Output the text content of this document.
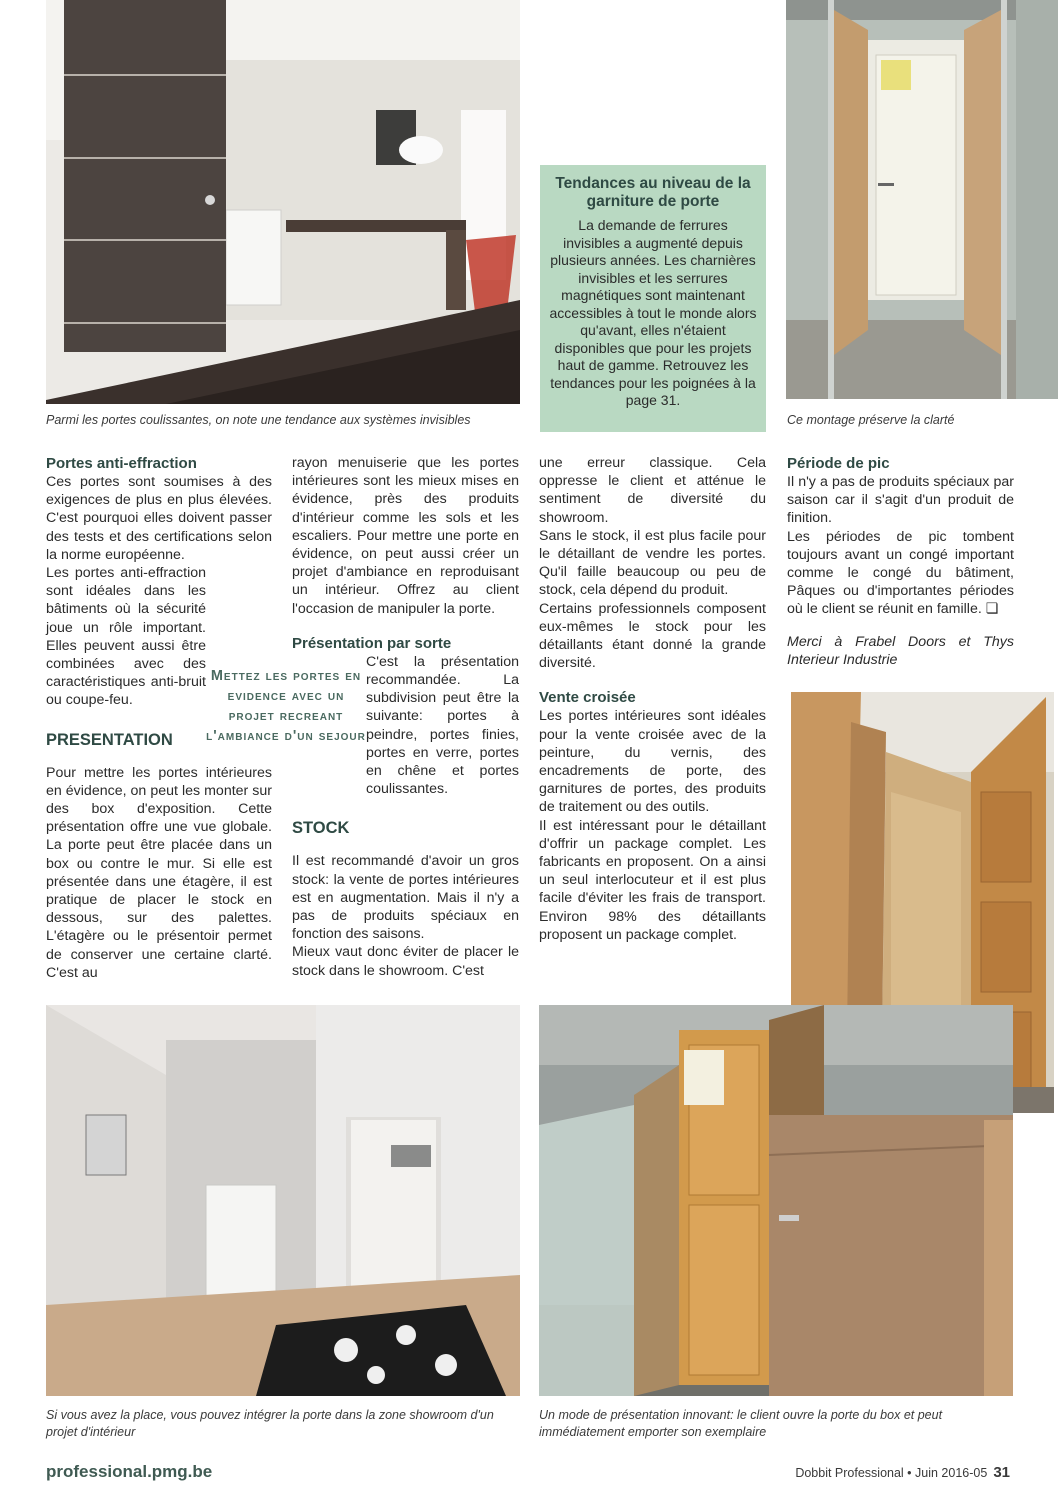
Parmi les portes coulissantes, on note une tendance aux systèmes invisibles	Ce montage préserve la clarté
Si vous avez la place, vous pouvez intégrer la porte dans la zone showroom d'un projet d'intérieur
Un mode de présentation innovant: le client ouvre la porte du box et peut immédiatement emporter son exemplaire
Tendances au niveau de la garniture de porte

La demande de ferrures invisibles a augmenté depuis plusieurs années. Les charnières invisibles et les serrures magnétiques sont maintenant accessibles à tout le monde alors qu'avant, elles n'étaient disponibles que pour les projets haut de gamme. Retrouvez les tendances pour les poignées à la page 31.

Portes anti-effraction

Ces portes sont soumises à des exigences de plus en plus élevées. C'est pourquoi elles doivent passer des tests et des certifications selon la norme européenne.

Les portes anti-effraction sont idéales dans les bâtiments où la sécurité joue un rôle important. Elles peuvent aussi être combinées avec des caractéristiques anti-bruit ou coupe-feu.

PRESENTATION

Pour mettre les portes intérieures en évidence, on peut les monter sur des box d'exposition. Cette présentation offre une vue globale. La porte peut être placée dans un box ou contre le mur. Si elle est présentée dans une étagère, il est pratique de placer le stock en dessous, sur des palettes. L'étagère ou le présentoir permet de conserver une certaine clarté. C'est au

Mettez les portes en evidence avec un projet recreant l'ambiance d'un sejour

rayon menuiserie que les portes intérieures sont les mieux mises en évidence, près des produits d'intérieur comme les sols et les escaliers. Pour mettre une porte en évidence, on peut aussi créer un projet d'ambiance en reproduisant un intérieur. Offrez au client l'occasion de manipuler la porte.

Présentation par sorte

C'est la présentation recommandée. La subdivision peut être la suivante: portes à peindre, portes finies, portes en verre, portes en chêne et portes coulissantes.

STOCK

Il est recommandé d'avoir un gros stock: la vente de portes intérieures est en augmentation. Mais il n'y a pas de produits spéciaux en fonction des saisons.

Mieux vaut donc éviter de placer le stock dans le showroom. C'est

une erreur classique. Cela oppresse le client et atténue le sentiment de diversité du showroom.

Sans le stock, il est plus facile pour le détaillant de vendre les portes. Qu'il faille beaucoup ou peu de stock, cela dépend du produit.

Certains professionnels composent eux-mêmes le stock pour les détaillants étant donné la grande diversité.

Vente croisée

Les portes intérieures sont idéales pour la vente croisée avec de la peinture, du vernis, des encadrements de porte, des garnitures de portes, des produits de traitement ou des outils.

Il est intéressant pour le détaillant d'offrir un package complet. Les fabricants en proposent. On a ainsi un seul interlocuteur et il est plus facile d'éviter les frais de transport. Environ 98% des détaillants proposent un package complet.

Période de pic

Il n'y a pas de produits spéciaux par saison car il s'agit d'un produit de finition.

Les périodes de pic tombent toujours avant un congé important comme le congé du bâtiment, Pâques ou d'importantes périodes où le client se réunit en famille. ❏

Merci à Frabel Doors et Thys Interieur Industrie

professional.pmg.be	Dobbit Professional • Juin 2016-05 31
